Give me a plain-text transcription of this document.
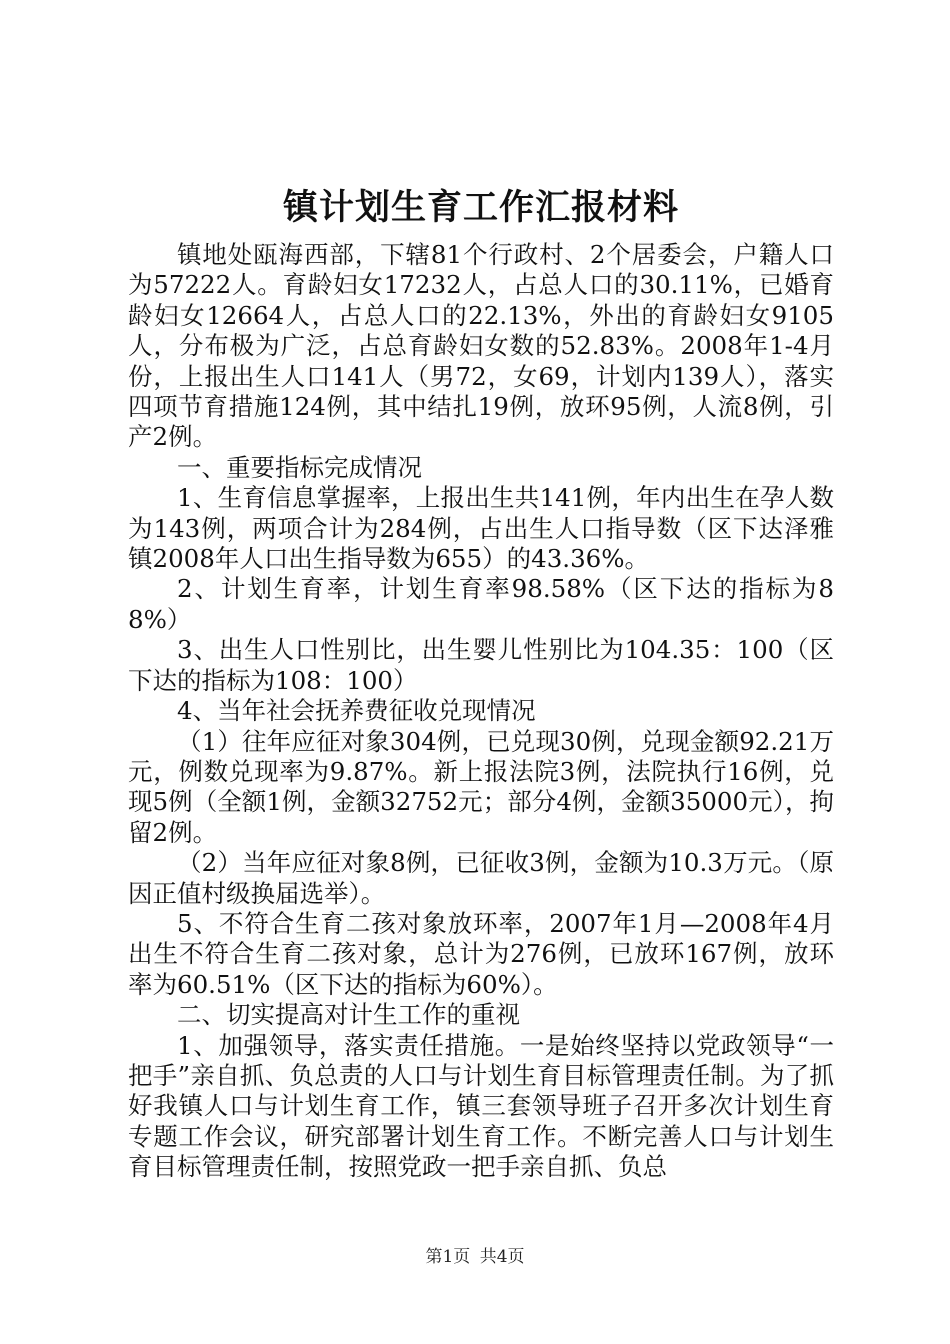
镇计划生育工作汇报材料

镇地处瓯海西部，下辖81个行政村、2个居委会，户籍人口为57222人。育龄妇女17232人，占总人口的30.11%，已婚育龄妇女12664人，占总人口的22.13%，外出的育龄妇女9105人，分布极为广泛，占总育龄妇女数的52.83%。2008年1-4月份，上报出生人口141人（男72，女69，计划内139人），落实四项节育措施124例，其中结扎19例，放环95例，人流8例，引产2例。

一、重要指标完成情况

1、生育信息掌握率，上报出生共141例，年内出生在孕人数为143例，两项合计为284例，占出生人口指导数（区下达泽雅镇2008年人口出生指导数为655）的43.36%。

2、计划生育率，计划生育率98.58%（区下达的指标为88%）

3、出生人口性别比，出生婴儿性别比为104.35：100（区下达的指标为108：100）

4、当年社会抚养费征收兑现情况

（1）往年应征对象304例，已兑现30例，兑现金额92.21万元，例数兑现率为9.87%。新上报法院3例，法院执行16例，兑现5例（全额1例，金额32752元；部分4例，金额35000元），拘留2例。

（2）当年应征对象8例，已征收3例，金额为10.3万元。（原因正值村级换届选举）。

5、不符合生育二孩对象放环率，2007年1月—2008年4月出生不符合生育二孩对象，总计为276例，已放环167例，放环率为60.51%（区下达的指标为60%）。

二、切实提高对计生工作的重视

1、加强领导，落实责任措施。一是始终坚持以党政领导“一把手”亲自抓、负总责的人口与计划生育目标管理责任制。为了抓好我镇人口与计划生育工作，镇三套领导班子召开多次计划生育专题工作会议，研究部署计划生育工作。不断完善人口与计划生育目标管理责任制，按照党政一把手亲自抓、负总

第1页 共4页
